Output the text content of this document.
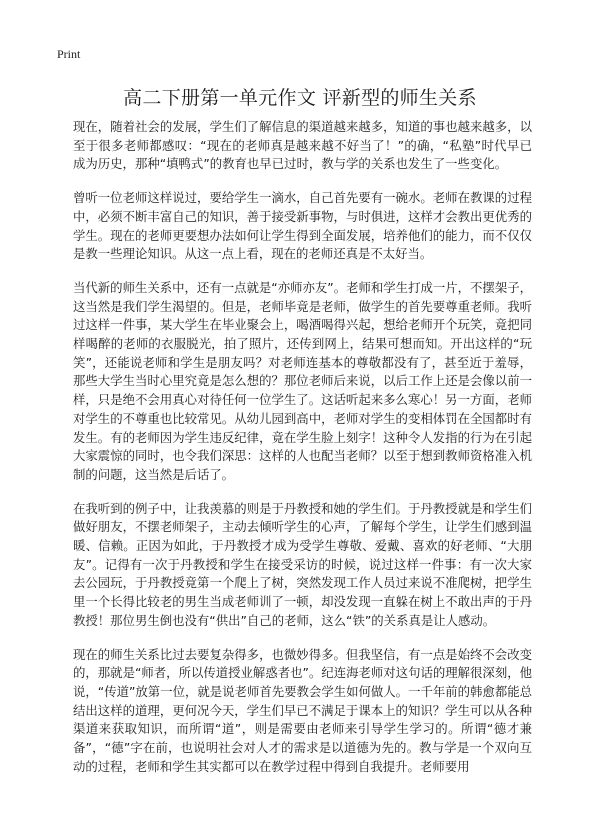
Print
高二下册第一单元作文 评新型的师生关系

现在，随着社会的发展，学生们了解信息的渠道越来越多，知道的事也越来越多，以至于很多老师都感叹：“现在的老师真是越来越不好当了！”的确，“私塾”时代早已成为历史，那种“填鸭式”的教育也早已过时，教与学的关系也发生了一些变化。

曾听一位老师这样说过，要给学生一滴水，自己首先要有一碗水。老师在教课的过程中，必须不断丰富自己的知识，善于接受新事物，与时俱进，这样才会教出更优秀的学生。现在的老师更要想办法如何让学生得到全面发展，培养他们的能力，而不仅仅是教一些理论知识。从这一点上看，现在的老师还真是不太好当。

当代新的师生关系中，还有一点就是“亦师亦友”。老师和学生打成一片，不摆架子，这当然是我们学生渴望的。但是，老师毕竟是老师，做学生的首先要尊重老师。我听过这样一件事，某大学生在毕业聚会上，喝酒喝得兴起，想给老师开个玩笑，竟把同样喝醉的老师的衣服脱光，拍了照片，还传到网上，结果可想而知。开出这样的“玩笑”，还能说老师和学生是朋友吗？对老师连基本的尊敬都没有了，甚至近于羞辱，那些大学生当时心里究竟是怎么想的？那位老师后来说，以后工作上还是会像以前一样，只是绝不会用真心对待任何一位学生了。这话听起来多么寒心！另一方面，老师对学生的不尊重也比较常见。从幼儿园到高中，老师对学生的变相体罚在全国都时有发生。有的老师因为学生违反纪律，竟在学生脸上刻字！这种令人发指的行为在引起大家震惊的同时，也令我们深思：这样的人也配当老师？以至于想到教师资格准入机制的问题，这当然是后话了。

在我听到的例子中，让我羡慕的则是于丹教授和她的学生们。于丹教授就是和学生们做好朋友，不摆老师架子，主动去倾听学生的心声，了解每个学生，让学生们感到温暖、信赖。正因为如此，于丹教授才成为受学生尊敬、爱戴、喜欢的好老师、“大朋友”。记得有一次于丹教授和学生在接受采访的时候，说过这样一件事：有一次大家去公园玩，于丹教授竟第一个爬上了树，突然发现工作人员过来说不准爬树，把学生里一个长得比较老的男生当成老师训了一顿，却没发现一直躲在树上不敢出声的于丹教授！那位男生倒也没有“供出”自己的老师，这么“铁”的关系真是让人感动。

现在的师生关系比过去要复杂得多，也微妙得多。但我坚信，有一点是始终不会改变的，那就是“师者，所以传道授业解惑者也”。纪连海老师对这句话的理解很深刻，他说，“传道”放第一位，就是说老师首先要教会学生如何做人。一千年前的韩愈都能总结出这样的道理，更何况今天，学生们早已不满足于课本上的知识？学生可以从各种渠道来获取知识，而所谓“道”，则是需要由老师来引导学生学习的。所谓“德才兼备”，“德”字在前，也说明社会对人才的需求是以道德为先的。教与学是一个双向互动的过程，老师和学生其实都可以在教学过程中得到自我提升。老师要用
